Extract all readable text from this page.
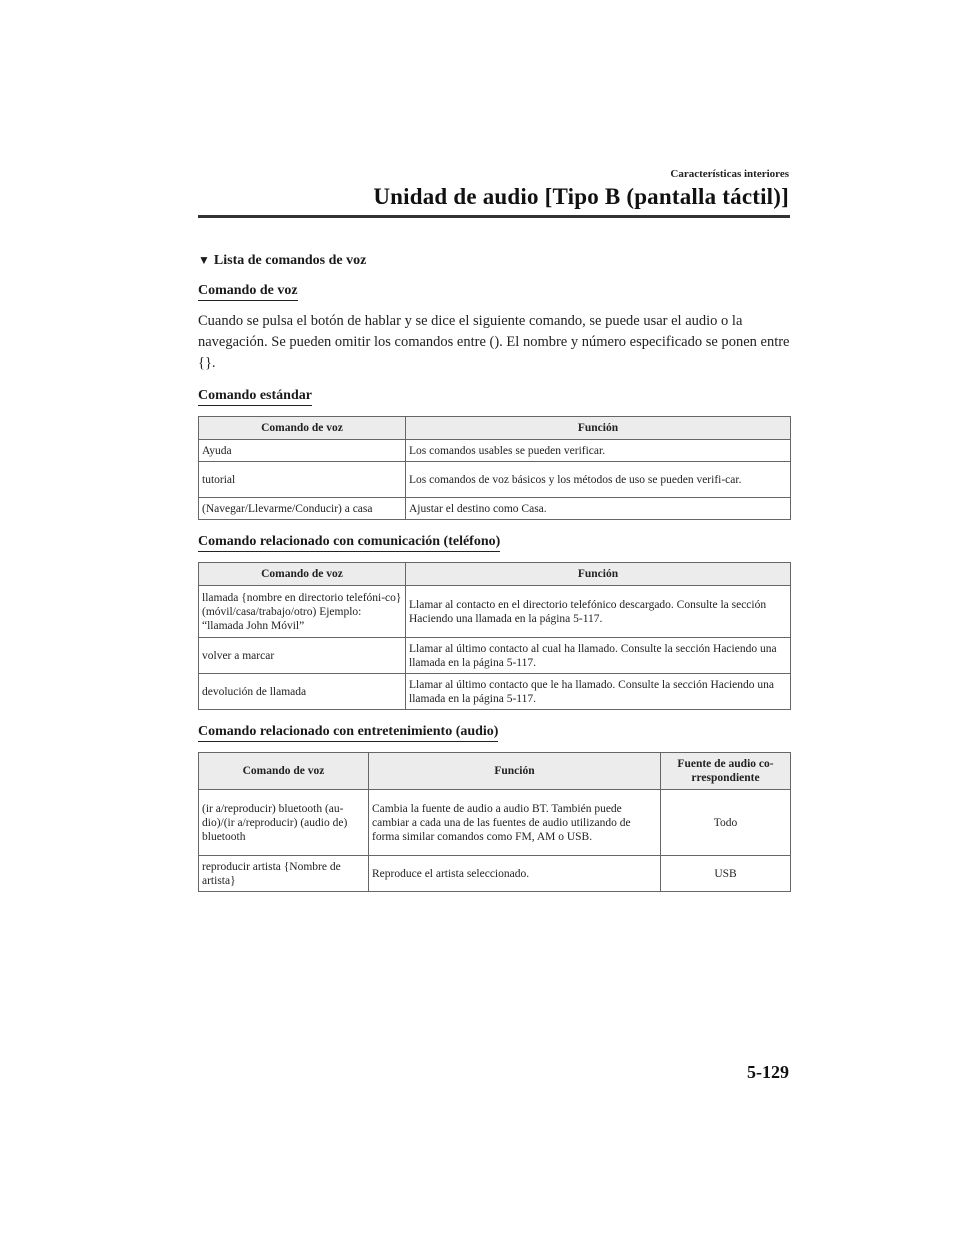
Características interiores
Unidad de audio [Tipo B (pantalla táctil)]
▼ Lista de comandos de voz
Comando de voz

Cuando se pulsa el botón de hablar y se dice el siguiente comando, se puede usar el audio o la navegación. Se pueden omitir los comandos entre (). El nombre y número especificado se ponen entre {}.

Comando estándar
Comando de voz	Función
Ayuda	Los comandos usables se pueden verificar.
tutorial	Los comandos de voz básicos y los métodos de uso se pueden verifi-car.
(Navegar/Llevarme/Conducir) a casa	Ajustar el destino como Casa.
Comando relacionado con comunicación (teléfono)
Comando de voz	Función
llamada {nombre en directorio telefóni-co} (móvil/casa/trabajo/otro) Ejemplo: “llamada John Móvil”	Llamar al contacto en el directorio telefónico descargado. Consulte la sección Haciendo una llamada en la página 5-117.
volver a marcar	Llamar al último contacto al cual ha llamado. Consulte la sección Haciendo una llamada en la página 5-117.
devolución de llamada	Llamar al último contacto que le ha llamado. Consulte la sección Haciendo una llamada en la página 5-117.
Comando relacionado con entretenimiento (audio)
Comando de voz	Función	Fuente de audio co-rrespondiente
(ir a/reproducir) bluetooth (au-dio)/(ir a/reproducir) (audio de) bluetooth	Cambia la fuente de audio a audio BT. También puede cambiar a cada una de las fuentes de audio utilizando de forma similar comandos como FM, AM o USB.	Todo
reproducir artista {Nombre de artista}	Reproduce el artista seleccionado.	USB
5-129
